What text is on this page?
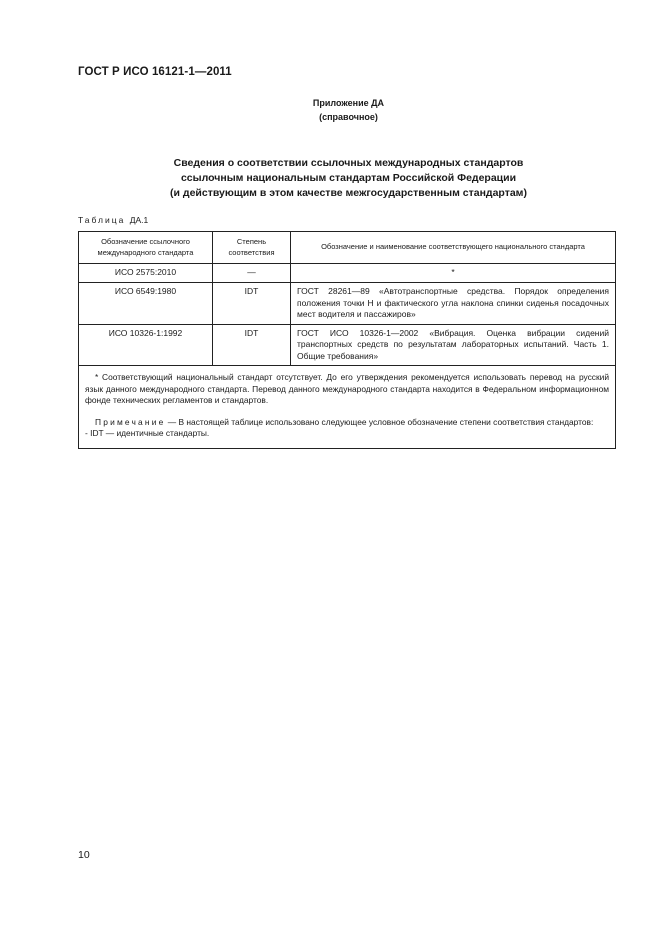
ГОСТ Р ИСО 16121-1—2011
Приложение ДА
(справочное)
Сведения о соответствии ссылочных международных стандартов
ссылочным национальным стандартам Российской Федерации
(и действующим в этом качестве межгосударственным стандартам)
Таблица ДА.1
Обозначение ссылочного международного стандарта	Степень соответствия	Обозначение и наименование соответствующего национального стандарта
ИСО 2575:2010	—	*
ИСО 6549:1980	IDT	ГОСТ 28261—89 «Автотранспортные средства. Порядок определения положения точки H и фактического угла наклона спинки сиденья посадочных мест водителя и пассажиров»
ИСО 10326-1:1992	IDT	ГОСТ ИСО 10326-1—2002 «Вибрация. Оценка вибрации сидений транспортных средств по результатам лабораторных испытаний. Часть 1. Общие требования»

* Соответствующий национальный стандарт отсутствует. До его утверждения рекомендуется использовать перевод на русский язык данного международного стандарта. Перевод данного международного стандарта находится в Федеральном информационном фонде технических регламентов и стандартов.

Примечание — В настоящей таблице использовано следующее условное обозначение степени соответствия стандартов:

- IDT — идентичные стандарты.		

10
